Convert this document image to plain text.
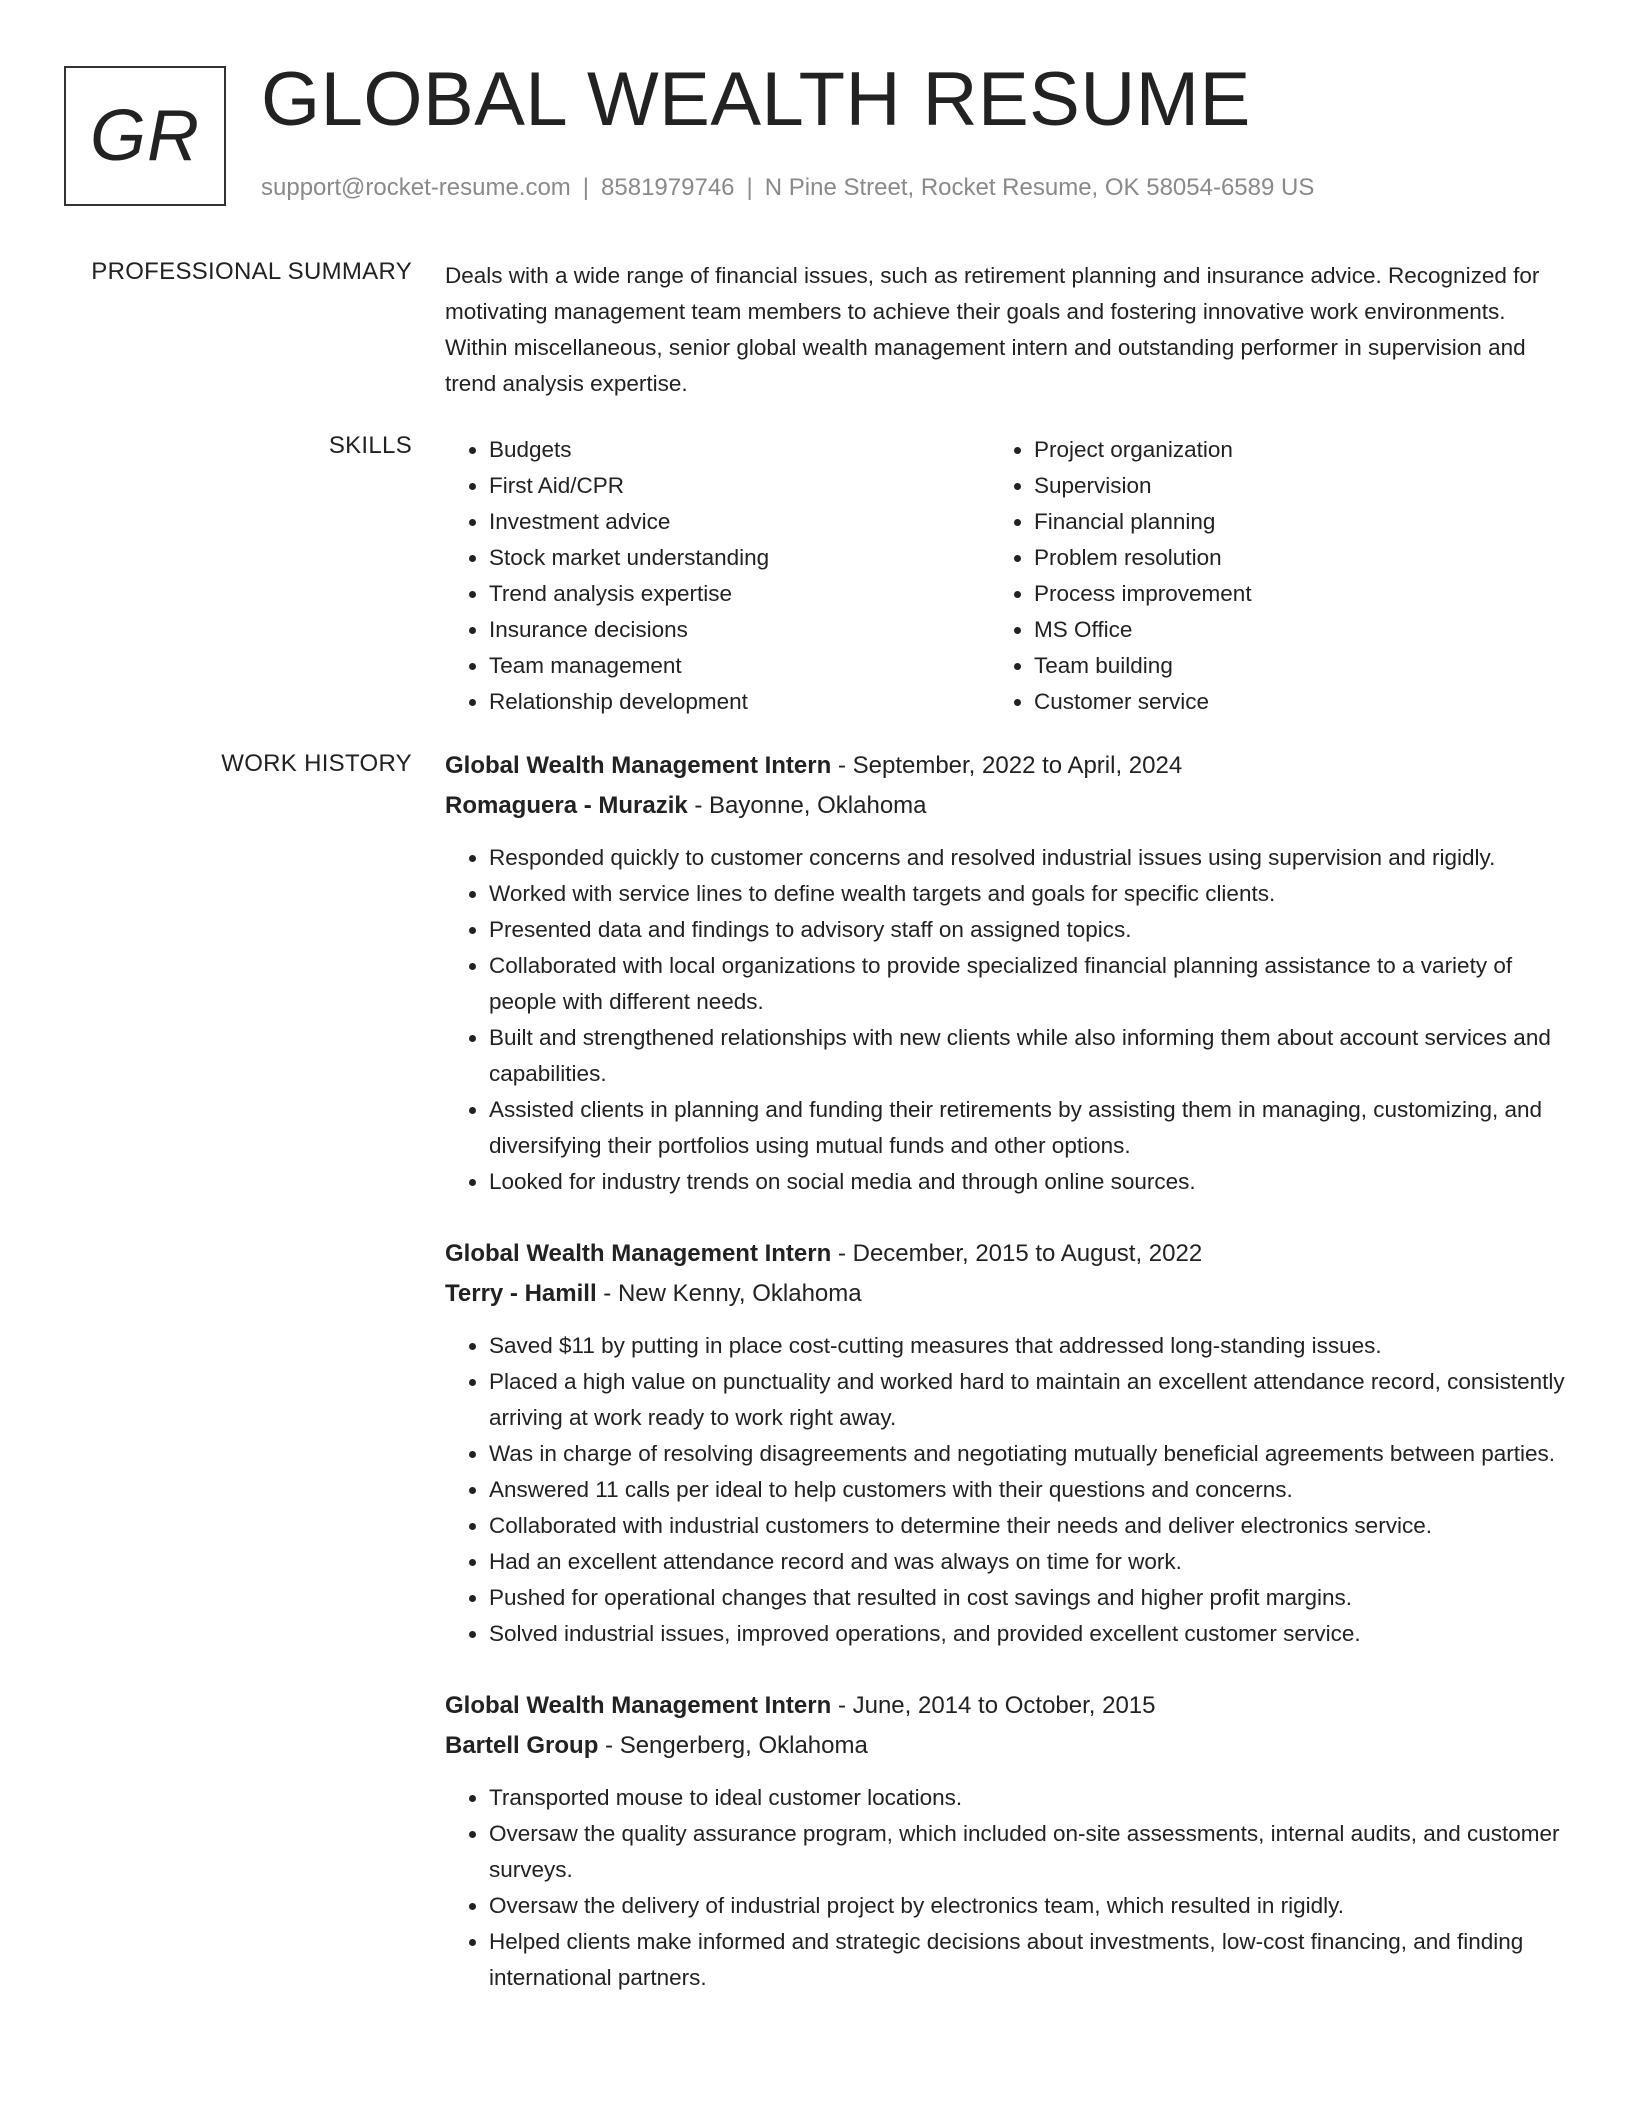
GR GLOBAL WEALTH RESUME
support@rocket-resume.com | 8581979746 | N Pine Street, Rocket Resume, OK 58054-6589 US
PROFESSIONAL SUMMARY Deals with a wide range of financial issues, such as retirement planning and insurance advice. Recognized for motivating management team members to achieve their goals and fostering innovative work environments. Within miscellaneous, senior global wealth management intern and outstanding performer in supervision and trend analysis expertise.

SKILLS
•	Budgets
• First Aid/CPR
• Investment advice
• Stock market understanding
• Trend analysis expertise
• Insurance decisions
• Team management
• Relationship development
• Project organization
• Supervision
• Financial planning
• Problem resolution
• Process improvement
• MS Office
• Team building
• Customer service
WORK HISTORY Global Wealth Management Intern - September, 2022 to April, 2024
Romaguera - Murazik - Bayonne, Oklahoma
• Responded quickly to customer concerns and resolved industrial issues using supervision and rigidly.
• Worked with service lines to define wealth targets and goals for specific clients.
• Presented data and findings to advisory staff on assigned topics.
• Collaborated with local organizations to provide specialized financial planning assistance to a variety of people with different needs.
• Built and strengthened relationships with new clients while also informing them about account services and capabilities.
• Assisted clients in planning and funding their retirements by assisting them in managing, customizing, and diversifying their portfolios using mutual funds and other options.
• Looked for industry trends on social media and through online sources.
Global Wealth Management Intern - December, 2015 to August, 2022
Terry - Hamill - New Kenny, Oklahoma
• Saved $11 by putting in place cost-cutting measures that addressed long-standing issues.
• Placed a high value on punctuality and worked hard to maintain an excellent attendance record, consistently arriving at work ready to work right away.
• Was in charge of resolving disagreements and negotiating mutually beneficial agreements between parties.
• Answered 11 calls per ideal to help customers with their questions and concerns.
• Collaborated with industrial customers to determine their needs and deliver electronics service.
• Had an excellent attendance record and was always on time for work.
• Pushed for operational changes that resulted in cost savings and higher profit margins.
• Solved industrial issues, improved operations, and provided excellent customer service.
Global Wealth Management Intern - June, 2014 to October, 2015
Bartell Group - Sengerberg, Oklahoma
• Transported mouse to ideal customer locations.
• Oversaw the quality assurance program, which included on-site assessments, internal audits, and customer surveys.
• Oversaw the delivery of industrial project by electronics team, which resulted in rigidly.
• Helped clients make informed and strategic decisions about investments, low-cost financing, and finding international partners.
